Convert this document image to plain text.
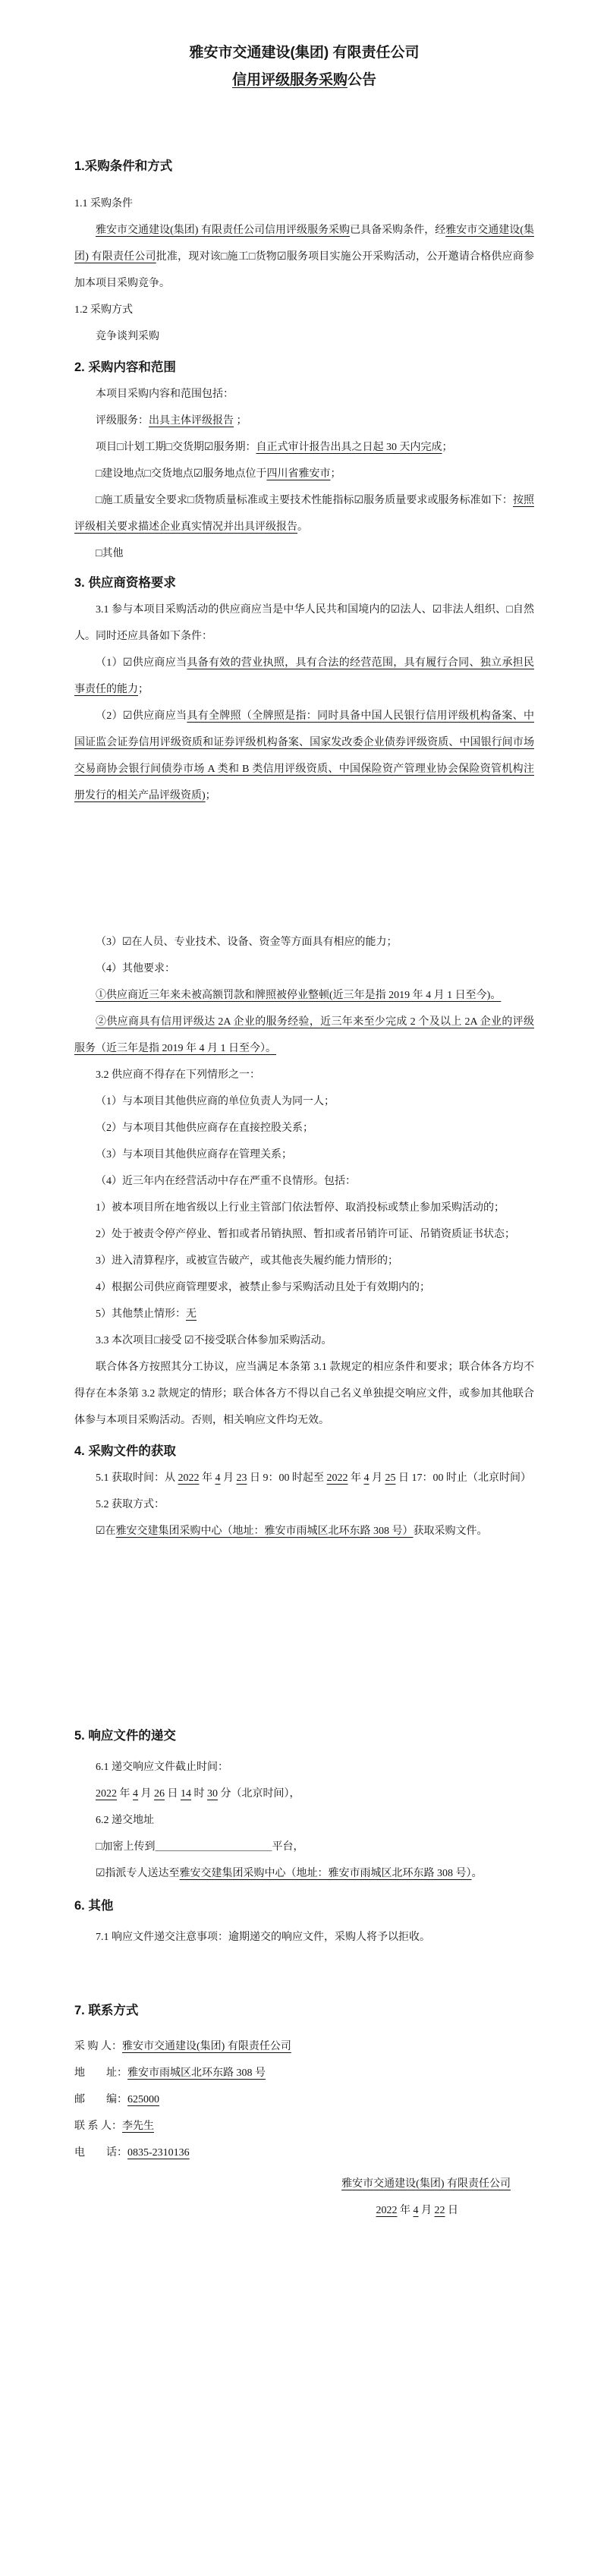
雅安市交通建设(集团) 有限责任公司
信用评级服务采购公告
1.采购条件和方式
1.1 采购条件
雅安市交通建设(集团) 有限责任公司信用评级服务采购已具备采购条件，经雅安市交通建设(集团) 有限责任公司批准，现对该□施工□货物☑服务项目实施公开采购活动，公开邀请合格供应商参加本项目采购竞争。
1.2 采购方式
竞争谈判采购
2. 采购内容和范围
本项目采购内容和范围包括：
评级服务：出具主体评级报告 ；
项目□计划工期□交货期☑服务期：自正式审计报告出具之日起 30 天内完成；
□建设地点□交货地点☑服务地点位于四川省雅安市；
□施工质量安全要求□货物质量标准或主要技术性能指标☑服务质量要求或服务标准如下：按照评级相关要求描述企业真实情况并出具评级报告。
□其他
3. 供应商资格要求
3.1 参与本项目采购活动的供应商应当是中华人民共和国境内的☑法人、☑非法人组织、□自然人。同时还应具备如下条件：
（1）☑供应商应当具备有效的营业执照，具有合法的经营范围，具有履行合同、独立承担民事责任的能力；
（2）☑供应商应当具有全牌照（全牌照是指：同时具备中国人民银行信用评级机构备案、中国证监会证券信用评级资质和证券评级机构备案、国家发改委企业债券评级资质、中国银行间市场交易商协会银行间债券市场 A 类和 B 类信用评级资质、中国保险资产管理业协会保险资管机构注册发行的相关产品评级资质)；
（3）☑在人员、专业技术、设备、资金等方面具有相应的能力；
（4）其他要求：
①供应商近三年来未被高额罚款和牌照被停业整顿(近三年是指 2019 年 4 月 1 日至今)。
②供应商具有信用评级达 2A 企业的服务经验，近三年来至少完成 2 个及以上 2A 企业的评级服务（近三年是指 2019 年 4 月 1 日至今）。
3.2 供应商不得存在下列情形之一：
（1）与本项目其他供应商的单位负责人为同一人；
（2）与本项目其他供应商存在直接控股关系；
（3）与本项目其他供应商存在管理关系；
（4）近三年内在经营活动中存在严重不良情形。包括：
1）被本项目所在地省级以上行业主管部门依法暂停、取消投标或禁止参加采购活动的；
2）处于被责令停产停业、暂扣或者吊销执照、暂扣或者吊销许可证、吊销资质证书状态；
3）进入清算程序，或被宣告破产，或其他丧失履约能力情形的；
4）根据公司供应商管理要求，被禁止参与采购活动且处于有效期内的；
5）其他禁止情形：无
3.3 本次项目□接受 ☑不接受联合体参加采购活动。
联合体各方按照其分工协议，应当满足本条第 3.1 款规定的相应条件和要求；联合体各方均不得存在本条第 3.2 款规定的情形；联合体各方不得以自己名义单独提交响应文件，或参加其他联合体参与本项目采购活动。否则，相关响应文件均无效。
4. 采购文件的获取
5.1 获取时间：从 2022 年 4 月 23 日 9：00 时起至 2022 年 4 月 25 日 17：00 时止（北京时间）
5.2 获取方式：
☑在雅安交建集团采购中心（地址：雅安市雨城区北环东路 308 号）获取采购文件。
5. 响应文件的递交
6.1 递交响应文件截止时间：
2022 年 4 月 26 日 14 时 30 分（北京时间），
6.2 递交地址
□加密上传到＿＿＿＿＿＿＿＿＿＿＿平台，
☑指派专人送达至雅安交建集团采购中心（地址：雅安市雨城区北环东路 308 号）。
6. 其他
7.1 响应文件递交注意事项：逾期递交的响应文件，采购人将予以拒收。
7. 联系方式
采 购 人：雅安市交通建设(集团) 有限责任公司
地　　址：雅安市雨城区北环东路 308 号
邮　　编：625000
联 系 人：李先生
电　　话：0835-2310136
雅安市交通建设(集团) 有限责任公司
2022 年 4 月 22 日
